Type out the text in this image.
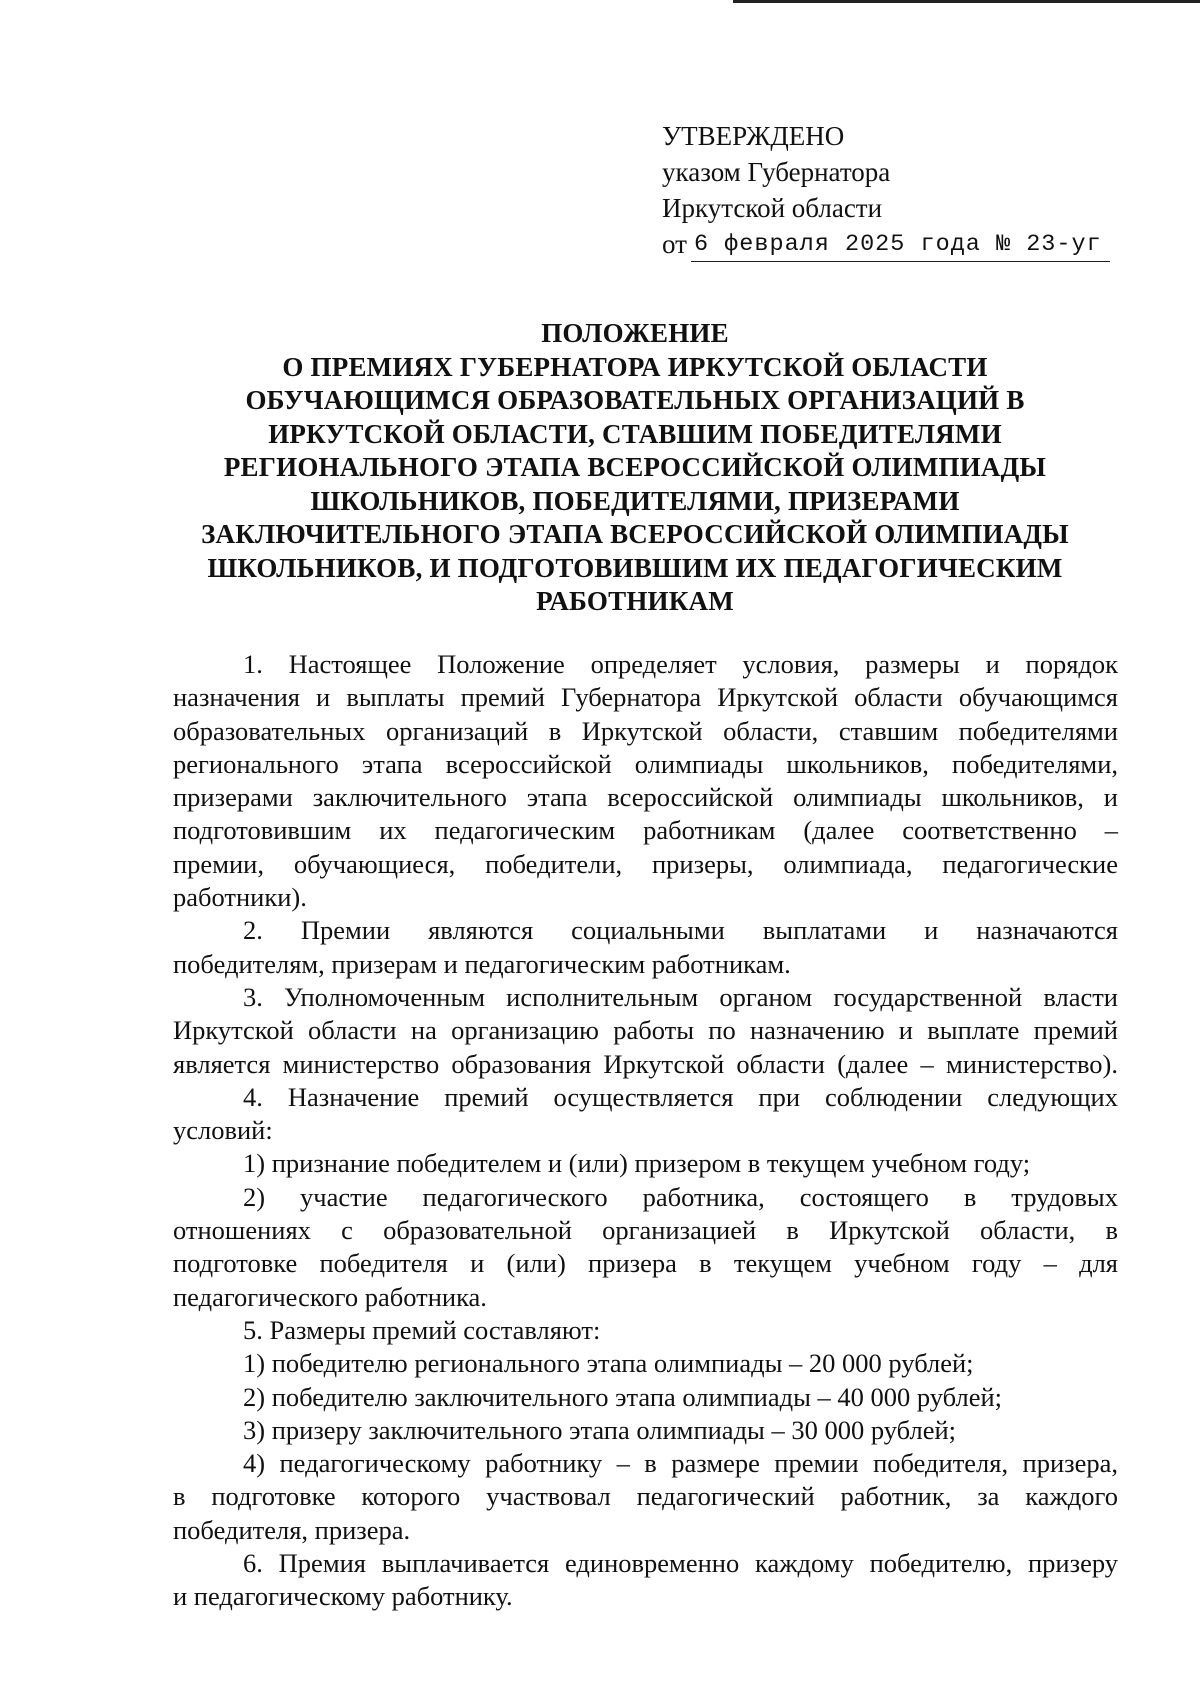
УТВЕРЖДЕНО
указом Губернатора
Иркутской области
от 6 февраля 2025 года № 23-уг
ПОЛОЖЕНИЕ
О ПРЕМИЯХ ГУБЕРНАТОРА ИРКУТСКОЙ ОБЛАСТИ
ОБУЧАЮЩИМСЯ ОБРАЗОВАТЕЛЬНЫХ ОРГАНИЗАЦИЙ В
ИРКУТСКОЙ ОБЛАСТИ, СТАВШИМ ПОБЕДИТЕЛЯМИ
РЕГИОНАЛЬНОГО ЭТАПА ВСЕРОССИЙСКОЙ ОЛИМПИАДЫ
ШКОЛЬНИКОВ, ПОБЕДИТЕЛЯМИ, ПРИЗЕРАМИ
ЗАКЛЮЧИТЕЛЬНОГО ЭТАПА ВСЕРОССИЙСКОЙ ОЛИМПИАДЫ
ШКОЛЬНИКОВ, И ПОДГОТОВИВШИМ ИХ ПЕДАГОГИЧЕСКИМ
РАБОТНИКАМ
1. Настоящее Положение определяет условия, размеры и порядок
назначения и выплаты премий Губернатора Иркутской области обучающимся
образовательных организаций в Иркутской области, ставшим победителями
регионального этапа всероссийской олимпиады школьников, победителями,
призерами заключительного этапа всероссийской олимпиады школьников, и
подготовившим их педагогическим работникам (далее соответственно –
премии, обучающиеся, победители, призеры, олимпиада, педагогические
работники).
2. Премии являются социальными выплатами и назначаются
победителям, призерам и педагогическим работникам.
3. Уполномоченным исполнительным органом государственной власти
Иркутской области на организацию работы по назначению и выплате премий
является министерство образования Иркутской области (далее – министерство).
4. Назначение премий осуществляется при соблюдении следующих
условий:
1) признание победителем и (или) призером в текущем учебном году;
2) участие педагогического работника, состоящего в трудовых
отношениях с образовательной организацией в Иркутской области, в
подготовке победителя и (или) призера в текущем учебном году – для
педагогического работника.
5. Размеры премий составляют:
1) победителю регионального этапа олимпиады – 20 000 рублей;
2) победителю заключительного этапа олимпиады – 40 000 рублей;
3) призеру заключительного этапа олимпиады – 30 000 рублей;
4) педагогическому работнику – в размере премии победителя, призера,
в подготовке которого участвовал педагогический работник, за каждого
победителя, призера.
6. Премия выплачивается единовременно каждому победителю, призеру
и педагогическому работнику.
